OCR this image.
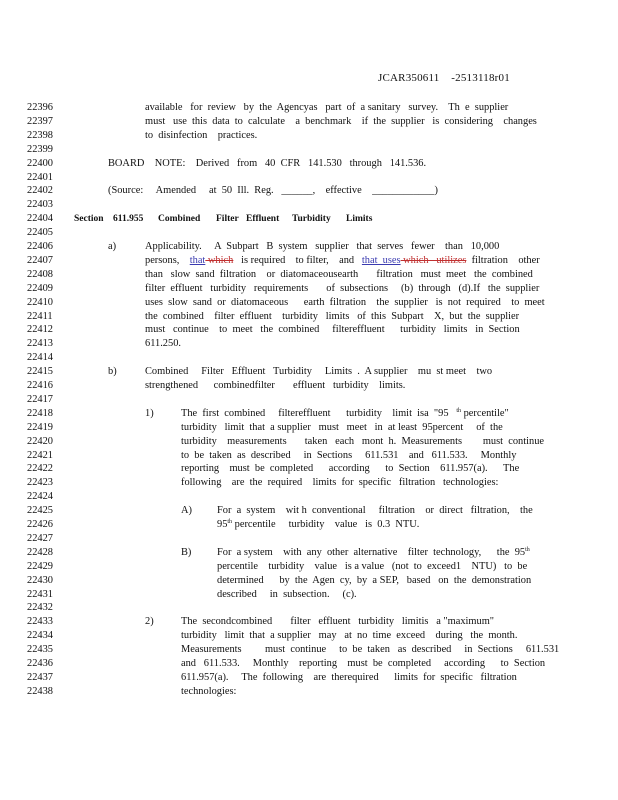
JCAR350611    -2513118r01
22396	available   for  review   by  the  Agencyas   part  of  a sanitary   survey.    Th  e  supplier
22397	must   use  this  data  to  calculate    a  benchmark    if  the  supplier   is  considering    changes
22398	to  disinfection    practices.
22399
22400	BOARD    NOTE:    Derived   from   40  CFR   141.530   through   141.536.
22401
22402	(Source:     Amended     at  50  Ill.  Reg.   ______,    effective    ____________)
22403
22404	Section 611.955 Combined Filter Effluent Turbidity Limits
22405
22406	a)	Applicability.     A  Subpart   B  system   supplier   that  serves   fewer    than   10,000
22407	persons,    that which   is required    to filter,    and   that  uses which   utilizes  filtration    other
22408	than   slow  sand  filtration    or  diatomaceousearth       filtration   must  meet   the  combined
22409	filter  effluent   turbidity   requirements       of  subsections     (b)  through   (d).If   the  supplier
22410	uses  slow  sand  or  diatomaceous      earth  filtration    the  supplier   is  not  required    to  meet
22411	the  combined    filter  effluent    turbidity   limits   of  this  Subpart    X,  but  the  supplier
22412	must   continue    to  meet   the  combined     filtereffluent      turbidity   limits   in  Section
22413	611.250.
22414
22415	b)	Combined     Filter   Effluent   Turbidity     Limits  .  A supplier    mu  st meet    two
22416	strengthened      combinedfilter       effluent   turbidity    limits.
22417
22418	1)	The  first  combined     filtereffluent      turbidity    limit  isa  "95   $^{th}$ percentile"
22419	turbidity   limit  that  a supplier   must   meet   in  at least  95percent     of  the
22420	turbidity    measurements       taken   each   mont  h.  Measurements        must  continue
22421	to  be  taken  as  described     in  Sections     611.531    and   611.533.     Monthly
22422	reporting    must  be  completed      according      to  Section    611.957(a).      The
22423	following    are  the  required    limits  for  specific   filtration   technologies:
22424
22425	A) For  a  system    wit h  conventional     filtration    or  direct   filtration,    the
22426	95th percentile     turbidity    value   is  0.3  NTU.
22427
22428	B) For  a system    with  any  other  alternative    filter  technology,      the  95th
22429	percentile    turbidity    value   is a value   (not  to  exceed1    NTU)   to  be
22430	determined      by  the  Agen  cy,  by  a SEP,   based   on  the  demonstration
22431	described     in  subsection.     (c).
22432
22433	2)	The  secondcombined       filter   effluent   turbidity   limitis   a "maximum"
22434	turbidity   limit  that  a supplier   may   at  no  time  exceed    during   the  month.
22435	Measurements         must  continue     to  be  taken   as  described     in  Sections     611.531
22436	and   611.533.     Monthly    reporting    must  be  completed     according      to  Section
22437	611.957(a).     The  following    are  therequired      limits  for  specific   filtration
22438	technologies:
